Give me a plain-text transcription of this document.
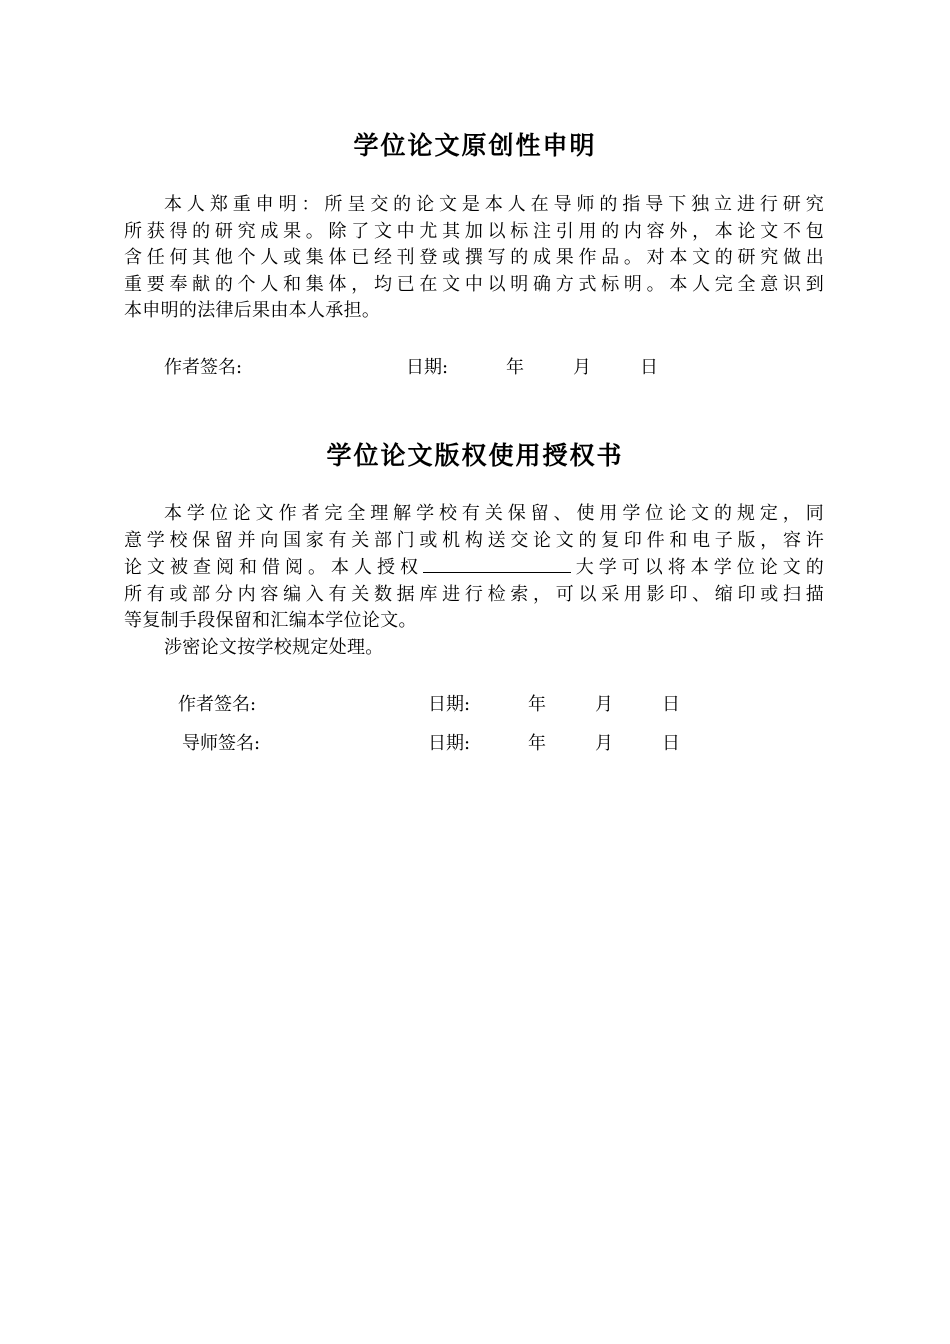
学位论文原创性申明
本人郑重申明：所呈交的论文是本人在导师的指导下独立进行研究
所获得的研究成果。除了文中尤其加以标注引用的内容外，本论文不包
含任何其他个人或集体已经刊登或撰写的成果作品。对本文的研究做出
重要奉献的个人和集体，均已在文中以明确方式标明。本人完全意识到
本申明的法律后果由本人承担。
作者签名:	日期:	年	月	日
学位论文版权使用授权书
本学位论文作者完全理解学校有关保留、使用学位论文的规定，同
意学校保留并向国家有关部门或机构送交论文的复印件和电子版，容许
论文被查阅和借阅。本人授权	大学可以将本学位论文的
所有或部分内容编入有关数据库进行检索，可以采用影印、缩印或扫描
等复制手段保留和汇编本学位论文。
涉密论文按学校规定处理。
作者签名:	日期:	年	月	日
导师签名:	日期:	年	月	日
